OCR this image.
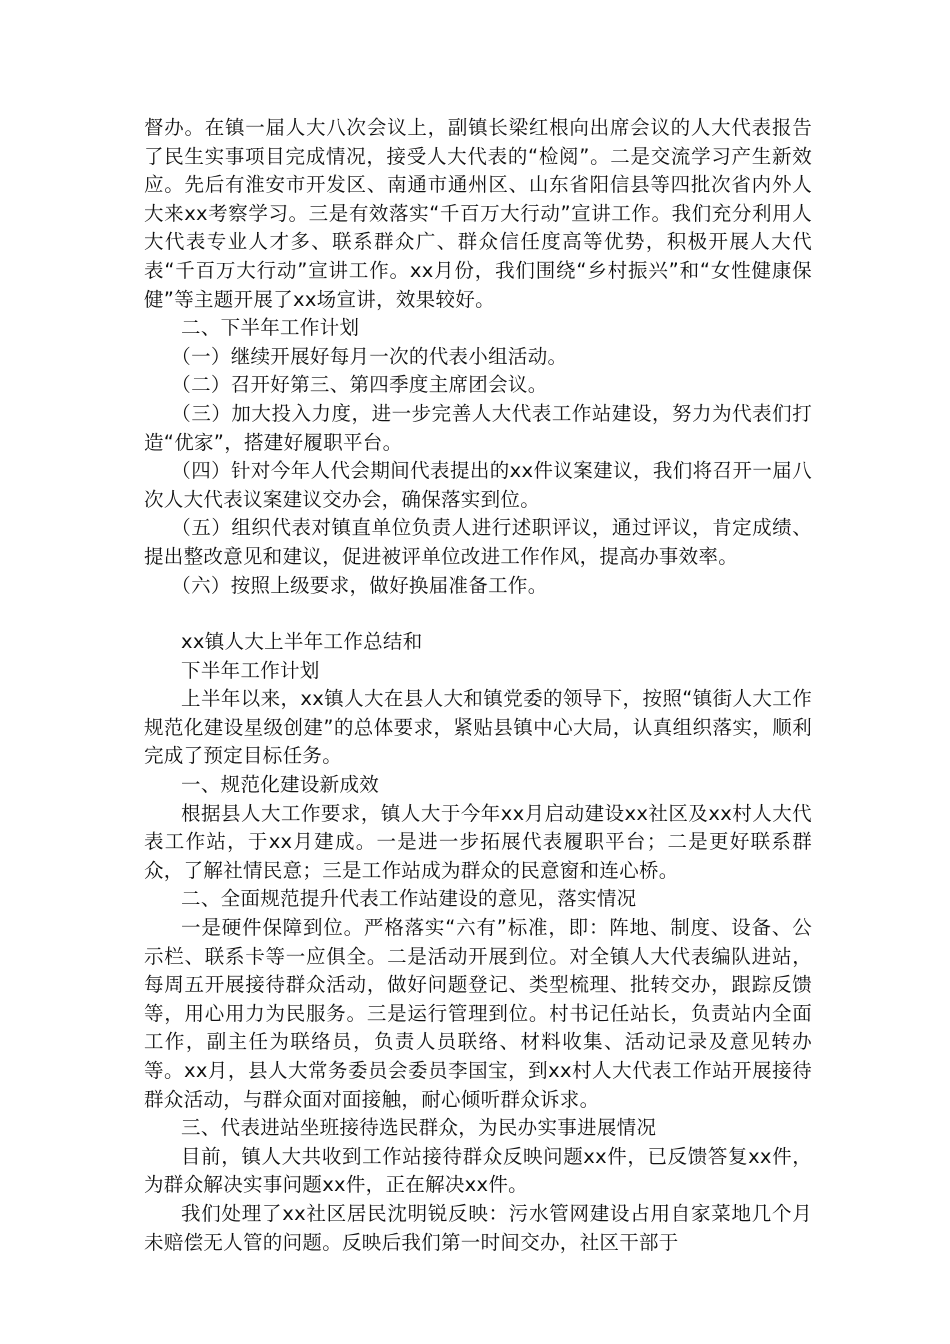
督办。在镇一届人大八次会议上，副镇长梁红根向出席会议的人大代表报告了民生实事项目完成情况，接受人大代表的“检阅”。二是交流学习产生新效应。先后有淮安市开发区、南通市通州区、山东省阳信县等四批次省内外人大来xx考察学习。三是有效落实“千百万大行动”宣讲工作。我们充分利用人大代表专业人才多、联系群众广、群众信任度高等优势，积极开展人大代表“千百万大行动”宣讲工作。xx月份，我们围绕“乡村振兴”和“女性健康保健”等主题开展了xx场宣讲，效果较好。

二、下半年工作计划

（一）继续开展好每月一次的代表小组活动。

（二）召开好第三、第四季度主席团会议。

（三）加大投入力度，进一步完善人大代表工作站建设，努力为代表们打造“优家”，搭建好履职平台。

（四）针对今年人代会期间代表提出的xx件议案建议，我们将召开一届八次人大代表议案建议交办会，确保落实到位。

（五）组织代表对镇直单位负责人进行述职评议，通过评议，肯定成绩、提出整改意见和建议，促进被评单位改进工作作风，提高办事效率。

（六）按照上级要求，做好换届准备工作。

xx镇人大上半年工作总结和

下半年工作计划

上半年以来，xx镇人大在县人大和镇党委的领导下，按照“镇街人大工作规范化建设星级创建”的总体要求，紧贴县镇中心大局，认真组织落实，顺利完成了预定目标任务。

一、规范化建设新成效

根据县人大工作要求，镇人大于今年xx月启动建设xx社区及xx村人大代表工作站，于xx月建成。一是进一步拓展代表履职平台；二是更好联系群众，了解社情民意；三是工作站成为群众的民意窗和连心桥。

二、全面规范提升代表工作站建设的意见，落实情况

一是硬件保障到位。严格落实“六有”标准，即：阵地、制度、设备、公示栏、联系卡等一应俱全。二是活动开展到位。对全镇人大代表编队进站，每周五开展接待群众活动，做好问题登记、类型梳理、批转交办，跟踪反馈等，用心用力为民服务。三是运行管理到位。村书记任站长，负责站内全面工作，副主任为联络员，负责人员联络、材料收集、活动记录及意见转办等。xx月，县人大常务委员会委员李国宝，到xx村人大代表工作站开展接待群众活动，与群众面对面接触，耐心倾听群众诉求。

三、代表进站坐班接待选民群众，为民办实事进展情况

目前，镇人大共收到工作站接待群众反映问题xx件，已反馈答复xx件，为群众解决实事问题xx件，正在解决xx件。

我们处理了xx社区居民沈明锐反映：污水管网建设占用自家菜地几个月未赔偿无人管的问题。反映后我们第一时间交办，社区干部于
